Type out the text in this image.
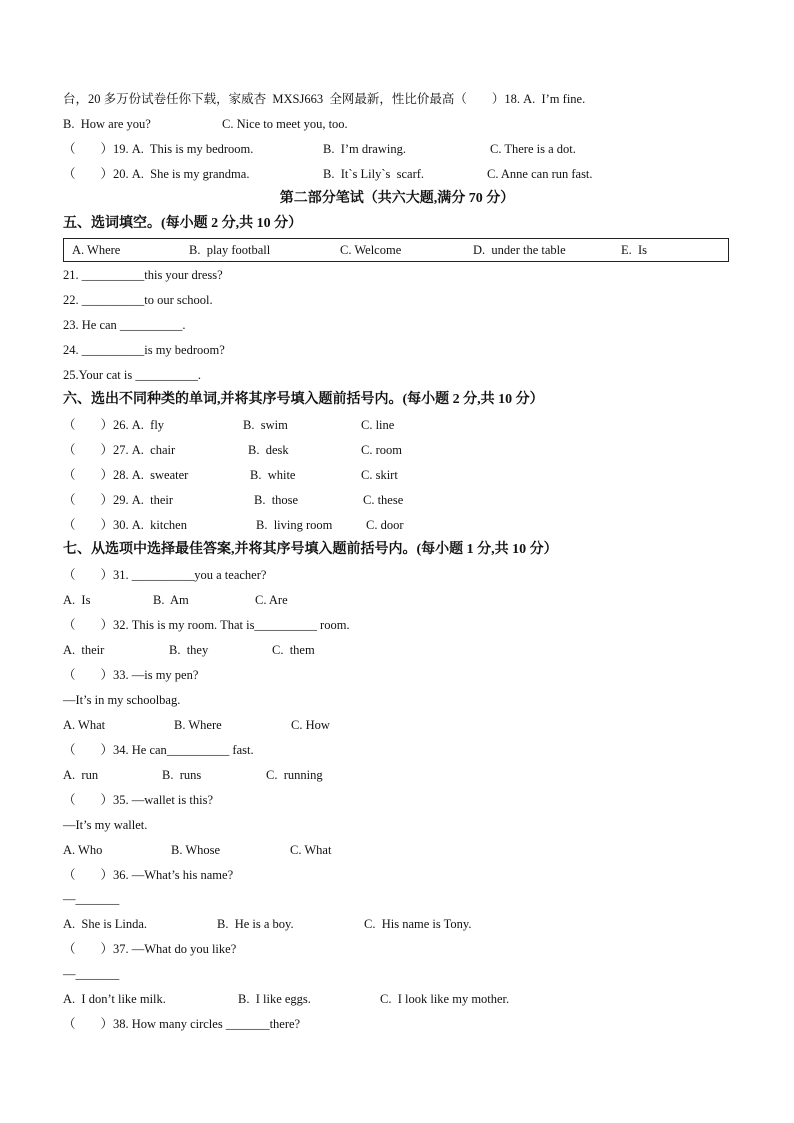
台，20 多万份试卷任你下载，家威杏  MXSJ663  全网最新，性比价最高（        ）18. A.  I’m fine.
B.  How are you?	C. Nice to meet you, too.
（        ）19. A.  This is my bedroom.	B.  I’m drawing.	C. There is a dot.
（        ）20. A.  She is my grandma.	B.  It`s Lily`s  scarf.	C. Anne can run fast.
第二部分笔试（共六大题,满分 70 分）
五、选词填空。(每小题 2 分,共 10 分）
A. Where	B.  play football	C. Welcome	D.  under the table	E.  Is
21. __________this your dress?
22. __________to our school.
23. He can __________.
24. __________is my bedroom?
25.Your cat is __________.
六、选出不同种类的单词,并将其序号填入题前括号内。(每小题 2 分,共 10 分）
（        ）26. A.  fly	B.  swim	C. line
（        ）27. A.  chair	B.  desk	C. room
（        ）28. A.  sweater	B.  white	C. skirt
（        ）29. A.  their	B.  those	C. these
（        ）30. A.  kitchen	B.  living room	C. door
七、从选项中选择最佳答案,并将其序号填入题前括号内。(每小题 1 分,共 10 分）
（        ）31. __________you a teacher?
A.  Is	B.  Am	C. Are
（        ）32. This is my room. That is__________ room.
A.  their	B.  they	C.  them
（        ）33. —is my pen?
—It’s in my schoolbag.
A. What	B. Where	C. How
（        ）34. He can__________ fast.
A.  run	B.  runs	C.  running
（        ）35. —wallet is this?
—It’s my wallet.
A. Who	B. Whose	C. What
（        ）36. —What’s his name?
—_______
A.  She is Linda.	B.  He is a boy.	C.  His name is Tony.
（        ）37. —What do you like?
—_______
A.  I don’t like milk.	B.  I like eggs.	C.  I look like my mother.
（        ）38. How many circles _______there?
